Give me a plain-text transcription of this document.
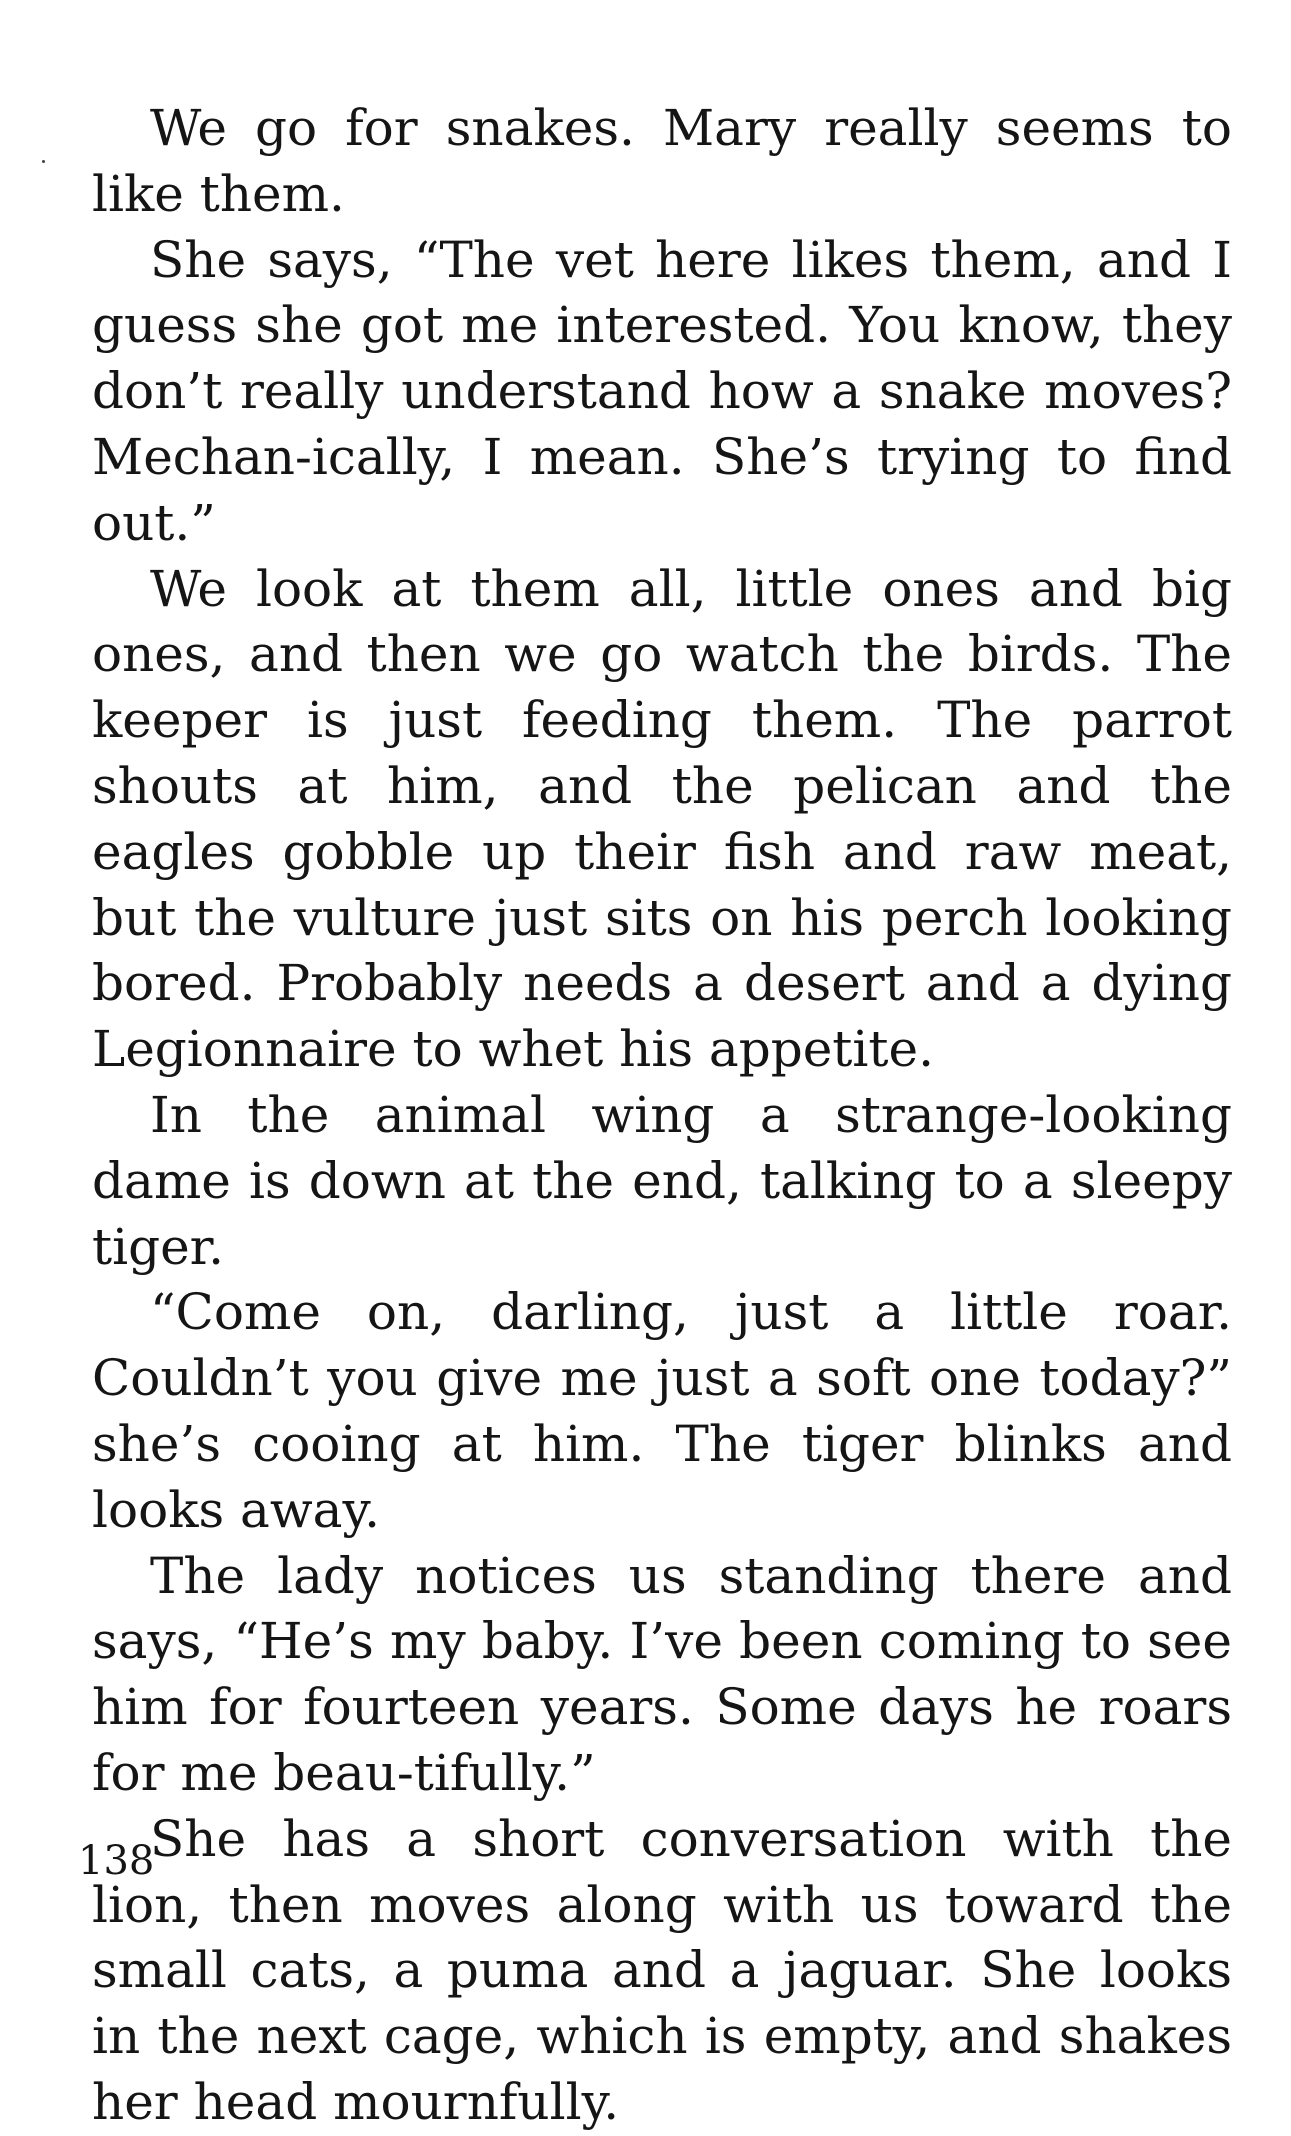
We go for snakes. Mary really seems to like them.

She says, “The vet here likes them, and I guess she got me interested. You know, they don’t really understand how a snake moves? Mechan-ically, I mean. She’s trying to find out.”

We look at them all, little ones and big ones, and then we go watch the birds. The keeper is just feeding them. The parrot shouts at him, and the pelican and the eagles gobble up their fish and raw meat, but the vulture just sits on his perch looking bored. Probably needs a desert and a dying Legionnaire to whet his appetite.

In the animal wing a strange-looking dame is down at the end, talking to a sleepy tiger.

“Come on, darling, just a little roar. Couldn’t you give me just a soft one today?” she’s cooing at him. The tiger blinks and looks away.

The lady notices us standing there and says, “He’s my baby. I’ve been coming to see him for fourteen years. Some days he roars for me beau-tifully.”

She has a short conversation with the lion, then moves along with us toward the small cats, a puma and a jaguar. She looks in the next cage, which is empty, and shakes her head mournfully.

138
